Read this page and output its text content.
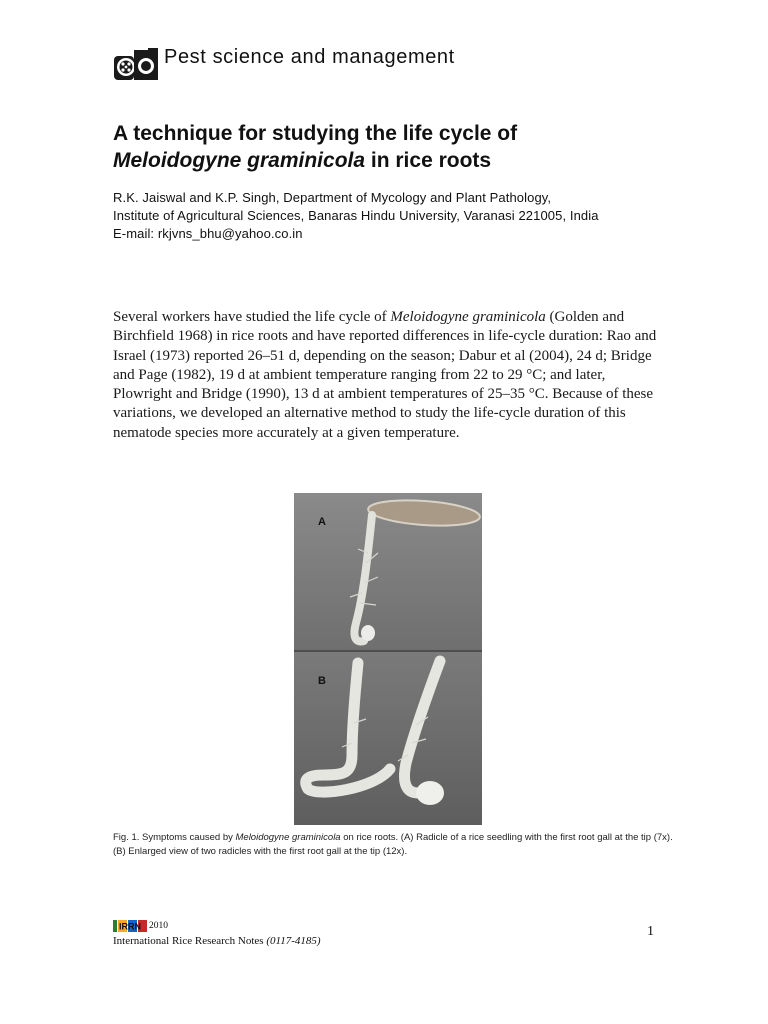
Pest science and management
A technique for studying the life cycle of
Meloidogyne graminicola in rice roots
R.K. Jaiswal and K.P. Singh, Department of Mycology and Plant Pathology,
Institute of Agricultural Sciences, Banaras Hindu University, Varanasi 221005, India
E-mail: rkjvns_bhu@yahoo.co.in
Several workers have studied the life cycle of Meloidogyne graminicola (Golden and Birchfield 1968) in rice roots and have reported differences in life-cycle duration: Rao and Israel (1973) reported 26–51 d, depending on the season; Dabur et al (2004), 24 d; Bridge and Page (1982), 19 d at ambient temperature ranging from 22 to 29 °C; and later, Plowright and Bridge (1990), 13 d at ambient temperatures of 25–35 °C. Because of these variations, we developed an alternative method to study the life-cycle duration of this nematode species more accurately at a given temperature.
A
B
Fig. 1. Symptoms caused by Meloidogyne graminicola on rice roots. (A) Radicle of a rice seedling with the first root gall at the tip (7x). (B) Enlarged view of two radicles with the first root gall at the tip (12x).
IRRN 2010
International Rice Research Notes (0117-4185)
1
